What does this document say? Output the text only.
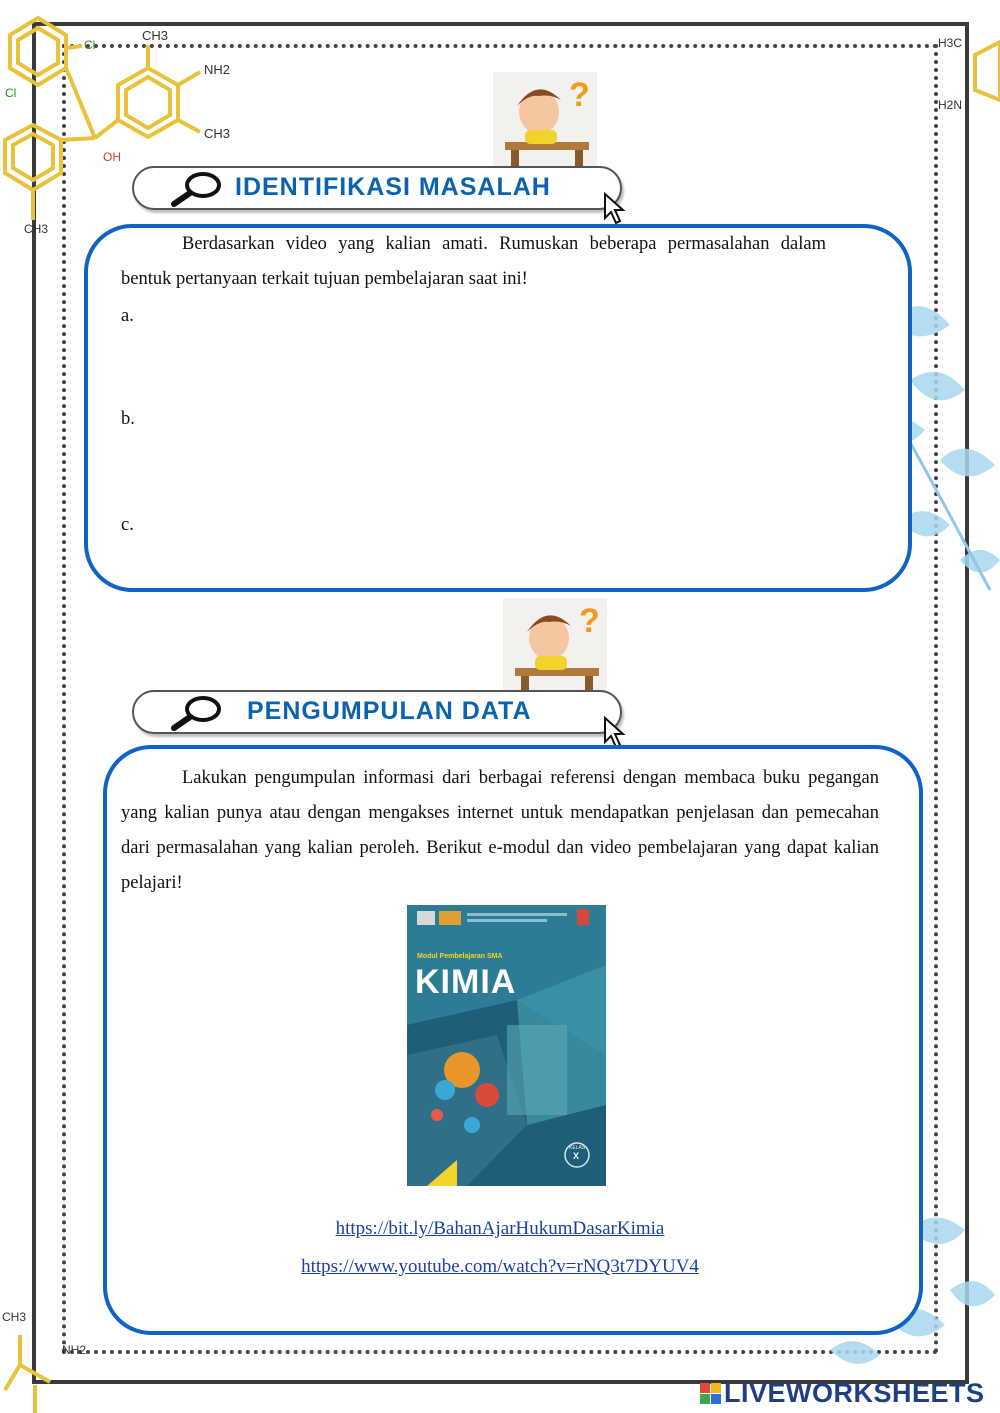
CH3
NH2
CH3
OH
Cl
Cl
CH3
H3C
H2N
CH3
NH2
?
IDENTIFIKASI MASALAH
Berdasarkan video yang kalian amati. Rumuskan beberapa permasalahan dalam bentuk pertanyaan terkait tujuan pembelajaran saat ini!
a.
b.
c.
?
PENGUMPULAN DATA
Lakukan pengumpulan informasi dari berbagai referensi dengan membaca buku pegangan yang kalian punya atau dengan mengakses internet untuk mendapatkan penjelasan dan pemecahan dari permasalahan yang kalian peroleh. Berikut e-modul dan video pembelajaran yang dapat kalian pelajari!
Modul Pembelajaran SMA
KIMIA
KELAS
X
https://bit.ly/BahanAjarHukumDasarKimia
https://www.youtube.com/watch?v=rNQ3t7DYUV4
LIVEWORKSHEETS
